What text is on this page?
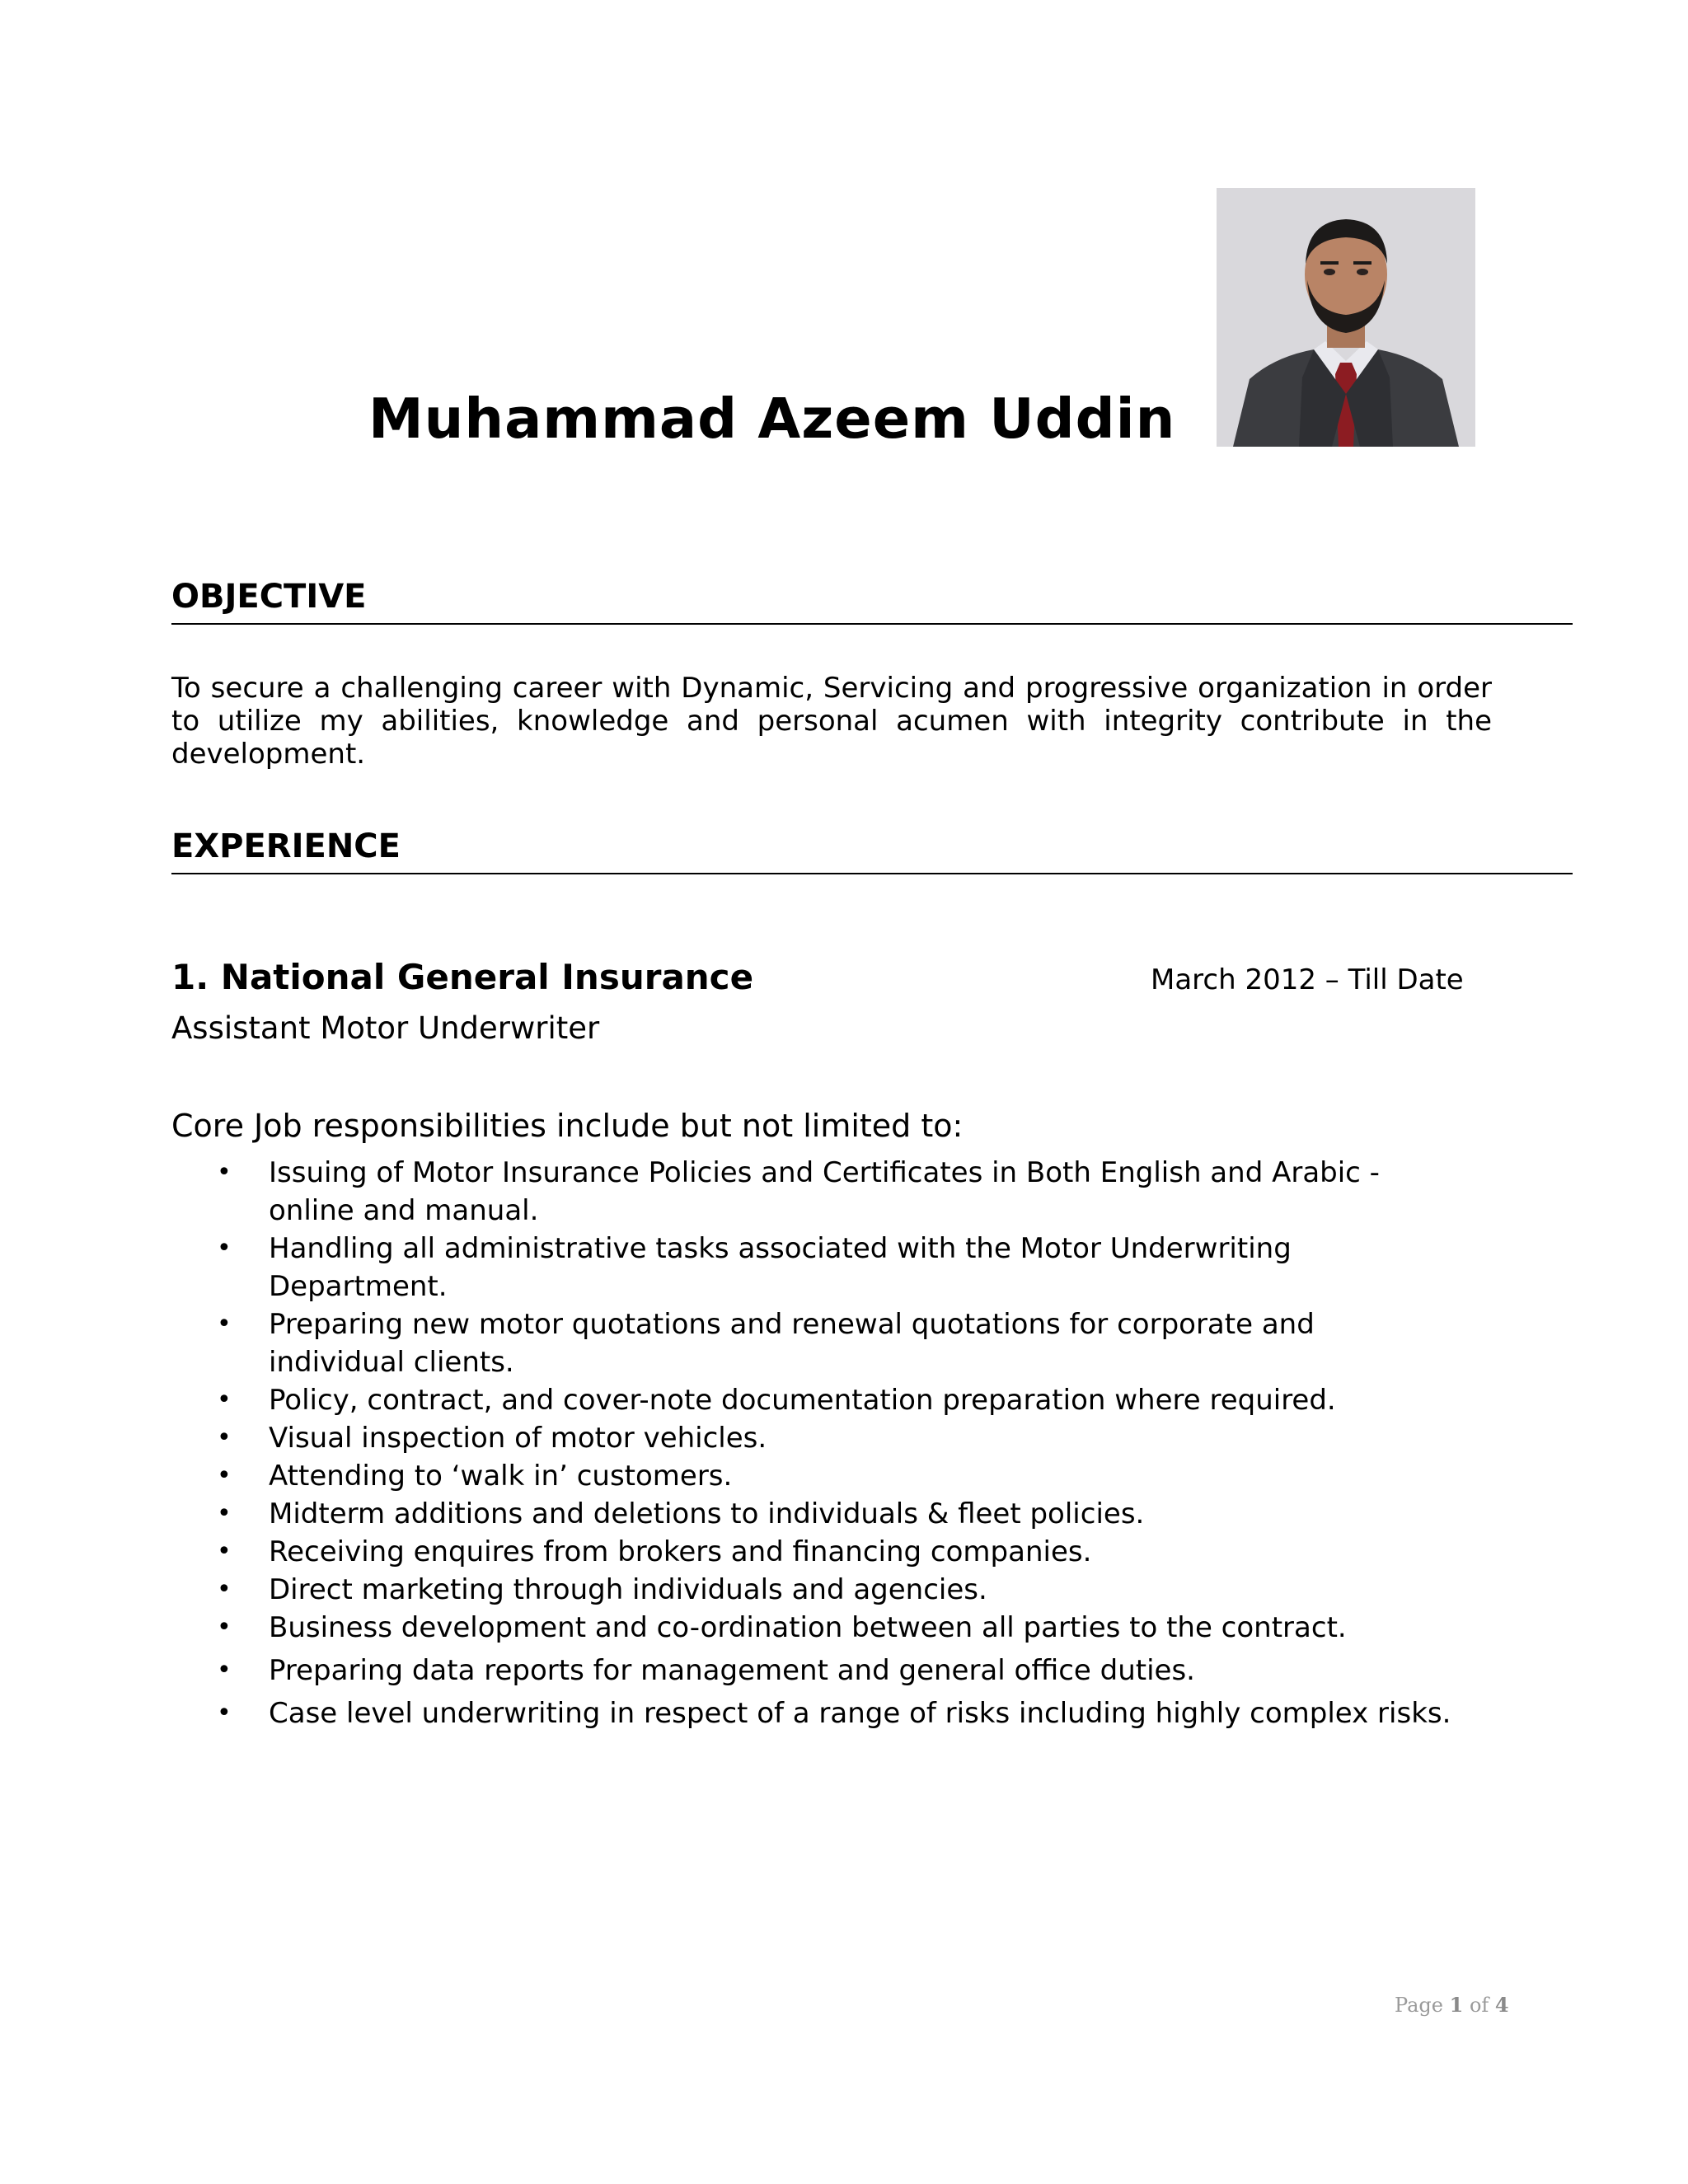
Muhammad Azeem Uddin
OBJECTIVE
To secure a challenging career with Dynamic, Servicing and progressive organization in order to utilize my abilities, knowledge and personal acumen with integrity contribute in the development.
EXPERIENCE
1. National General Insurance	March 2012 – Till Date
Assistant Motor Underwriter
Core Job responsibilities include but not limited to:
• Issuing of Motor Insurance Policies and Certificates in Both English and Arabic -online and manual.
• Handling all administrative tasks associated with the Motor Underwriting Department.
• Preparing new motor quotations and renewal quotations for corporate and individual clients.
• Policy, contract, and cover-note documentation preparation where required.
• Visual inspection of motor vehicles.
• Attending to ‘walk in’ customers.
• Midterm additions and deletions to individuals & fleet policies.
• Receiving enquires from brokers and financing companies.
• Direct marketing through individuals and agencies.
• Business development and co-ordination between all parties to the contract.
• Preparing data reports for management and general office duties.
• Case level underwriting in respect of a range of risks including highly complex risks.
Page 1 of 4
